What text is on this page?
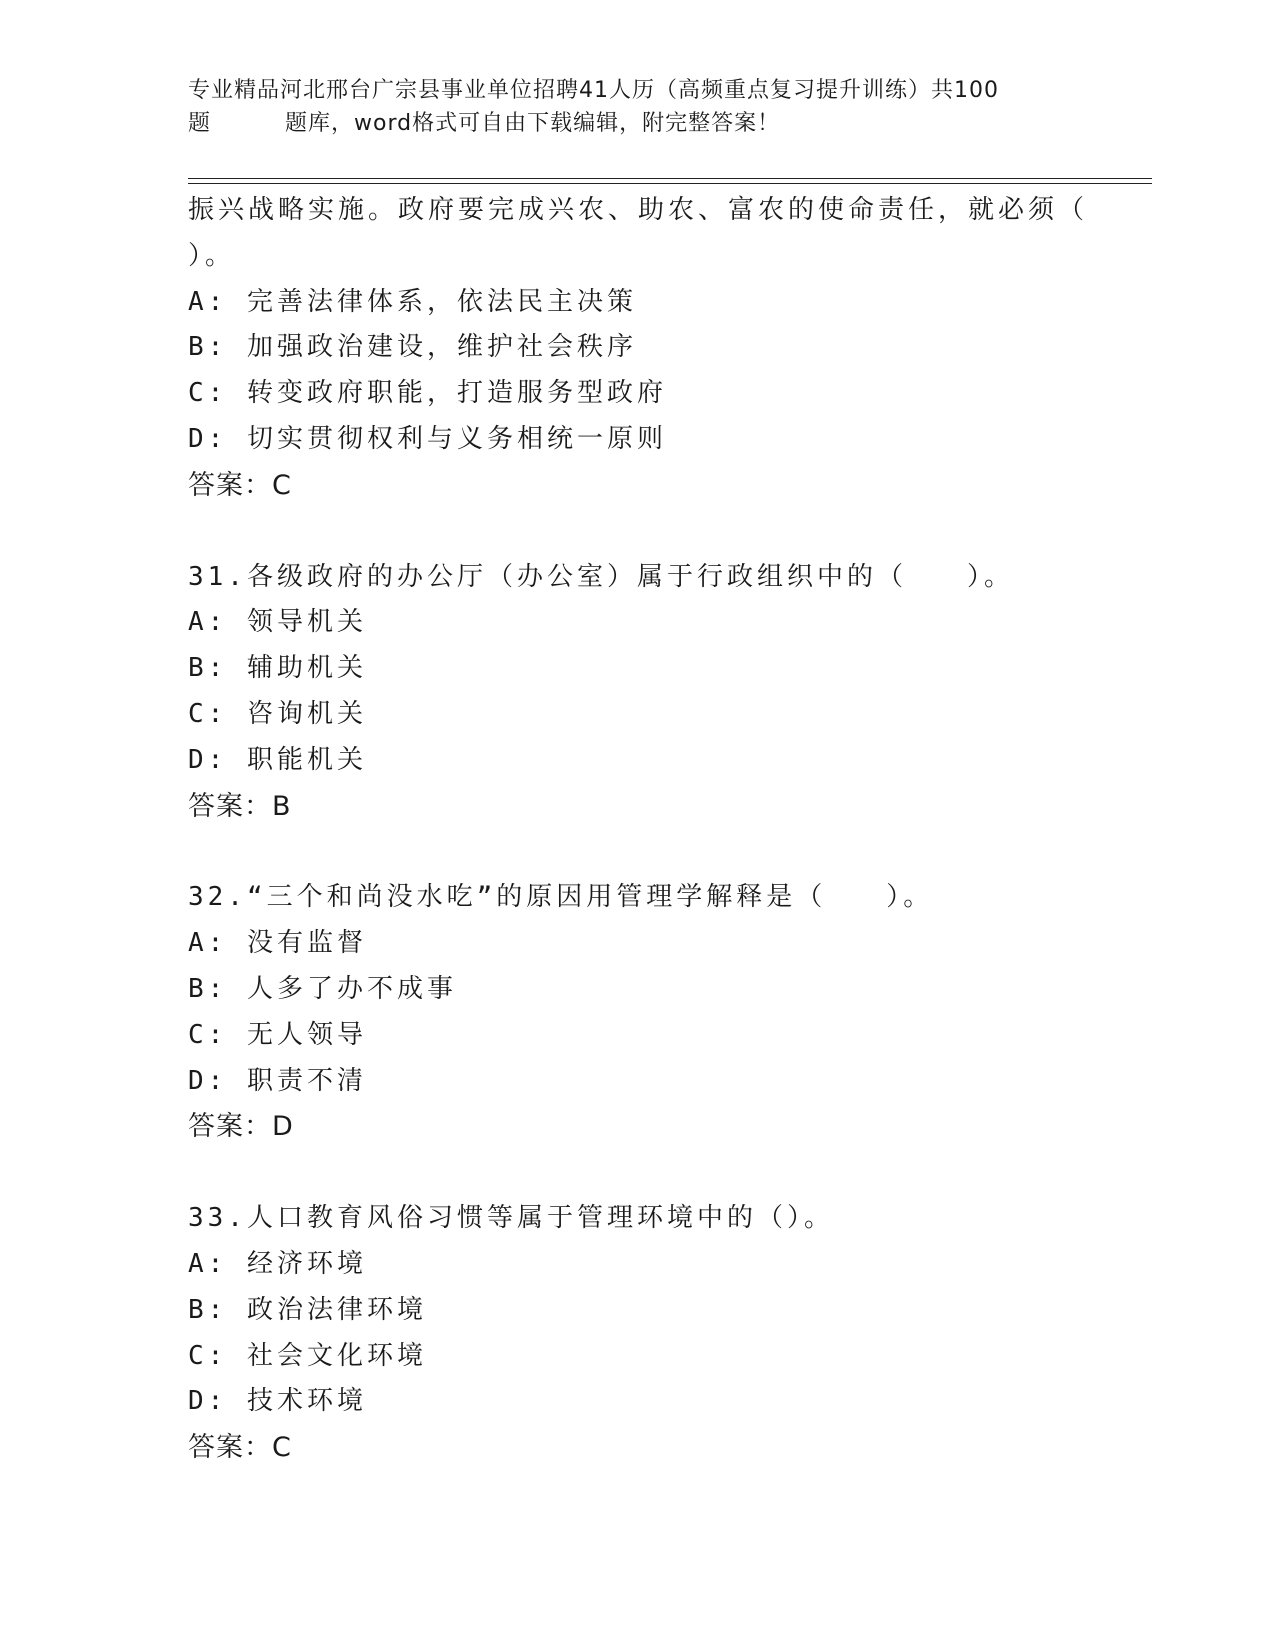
专业精品河北邢台广宗县事业单位招聘41人历（高频重点复习提升训练）共100
题	题库，word格式可自由下载编辑，附完整答案！
振兴战略实施。政府要完成兴农、助农、富农的使命责任，就必须（
）。
A: 完善法律体系，依法民主决策
B: 加强政治建设，维护社会秩序
C: 转变政府职能，打造服务型政府
D: 切实贯彻权利与义务相统一原则
答案：C
31.各级政府的办公厅（办公室）属于行政组织中的（　　）。
A: 领导机关
B: 辅助机关
C: 咨询机关
D: 职能机关
答案：B
32.“三个和尚没水吃”的原因用管理学解释是（　　）。
A: 没有监督
B: 人多了办不成事
C: 无人领导
D: 职责不清
答案：D
33.人口教育风俗习惯等属于管理环境中的（）。
A: 经济环境
B: 政治法律环境
C: 社会文化环境
D: 技术环境
答案：C
